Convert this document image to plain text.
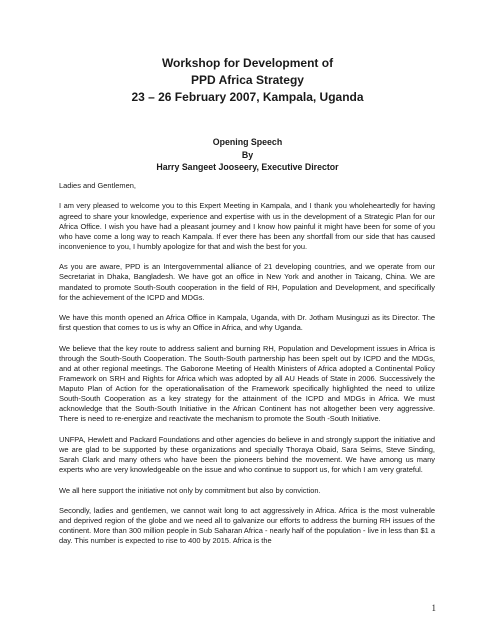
Workshop for Development of
PPD Africa Strategy
23 – 26 February 2007, Kampala, Uganda
Opening Speech
By
Harry Sangeet Jooseery, Executive Director

Ladies and Gentlemen,

I am very pleased to welcome you to this Expert Meeting in Kampala, and I thank you wholeheartedly for having agreed to share your knowledge, experience and expertise with us in the development of a Strategic Plan for our Africa Office. I wish you have had a pleasant journey and I know how painful it might have been for some of you who have come a long way to reach Kampala. If ever there has been any shortfall from our side that has caused inconvenience to you, I humbly apologize for that and wish the best for you.

As you are aware, PPD is an Intergovernmental alliance of 21 developing countries, and we operate from our Secretariat in Dhaka, Bangladesh. We have got an office in New York and another in Taicang, China. We are mandated to promote South-South cooperation in the field of RH, Population and Development, and specifically for the achievement of the ICPD and MDGs.

We have this month opened an Africa Office in Kampala, Uganda, with Dr. Jotham Musinguzi as its Director. The first question that comes to us is why an Office in Africa, and why Uganda.

We believe that the key route to address salient and burning RH, Population and Development issues in Africa is through the South-South Cooperation. The South-South partnership has been spelt out by ICPD and the MDGs, and at other regional meetings. The Gaborone Meeting of Health Ministers of Africa adopted a Continental Policy Framework on SRH and Rights for Africa which was adopted by all AU Heads of State in 2006. Successively the Maputo Plan of Action for the operationalisation of the Framework specifically highlighted the need to utilize South-South Cooperation as a key strategy for the attainment of the ICPD and MDGs in Africa. We must acknowledge that the South-South Initiative in the African Continent has not altogether been very aggressive. There is need to re-energize and reactivate the mechanism to promote the South -South Initiative.

UNFPA, Hewlett and Packard Foundations and other agencies do believe in and strongly support the initiative and we are glad to be supported by these organizations and specially Thoraya Obaid, Sara Seims, Steve Sinding, Sarah Clark and many others who have been the pioneers behind the movement. We have among us many experts who are very knowledgeable on the issue and who continue to support us, for which I am very grateful.

We all here support the initiative not only by commitment but also by conviction.

Secondly, ladies and gentlemen, we cannot wait long to act aggressively in Africa. Africa is the most vulnerable and deprived region of the globe and we need all to galvanize our efforts to address the burning RH issues of the continent. More than 300 million people in Sub Saharan Africa - nearly half of the population - live in less than $1 a day. This number is expected to rise to 400 by 2015. Africa is the

1
